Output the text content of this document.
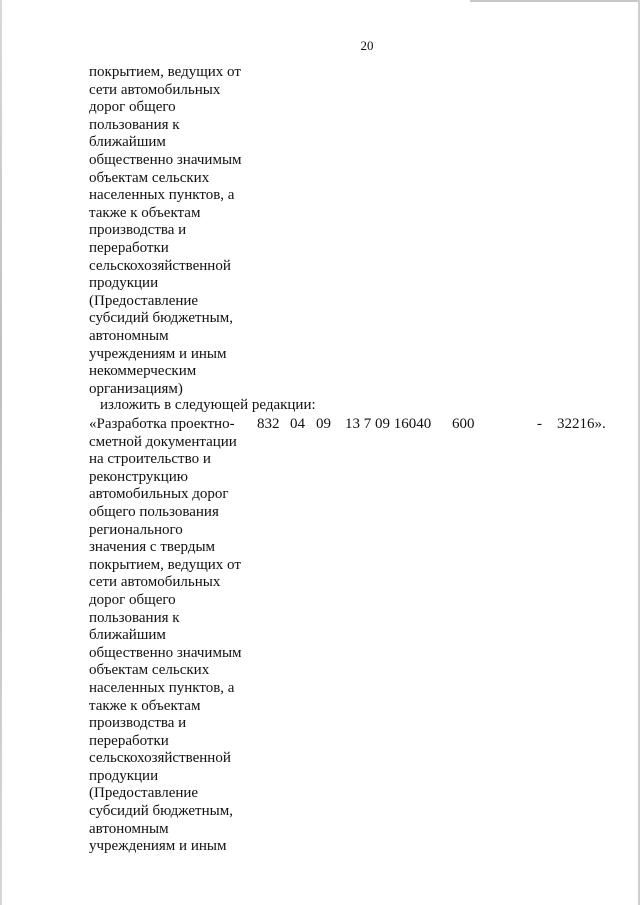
20
покрытием, ведущих от
сети автомобильных
дорог общего
пользования к
ближайшим
общественно значимым
объектам сельских
населенных пунктов, а
также к объектам
производства и
переработки
сельскохозяйственной
продукции
(Предоставление
субсидий бюджетным,
автономным
учреждениям и иным
некоммерческим
организациям)
изложить в следующей редакции:
«Разработка проектно-
сметной документации
на строительство и
реконструкцию
автомобильных дорог
общего пользования
регионального
значения с твердым
покрытием, ведущих от
сети автомобильных
дорог общего
пользования к
ближайшим
общественно значимым
объектам сельских
населенных пунктов, а
также к объектам
производства и
переработки
сельскохозяйственной
продукции
(Предоставление
субсидий бюджетным,
автономным
учреждениям и иным
832 04 09 13 7 09 16040 600	- 32216».
